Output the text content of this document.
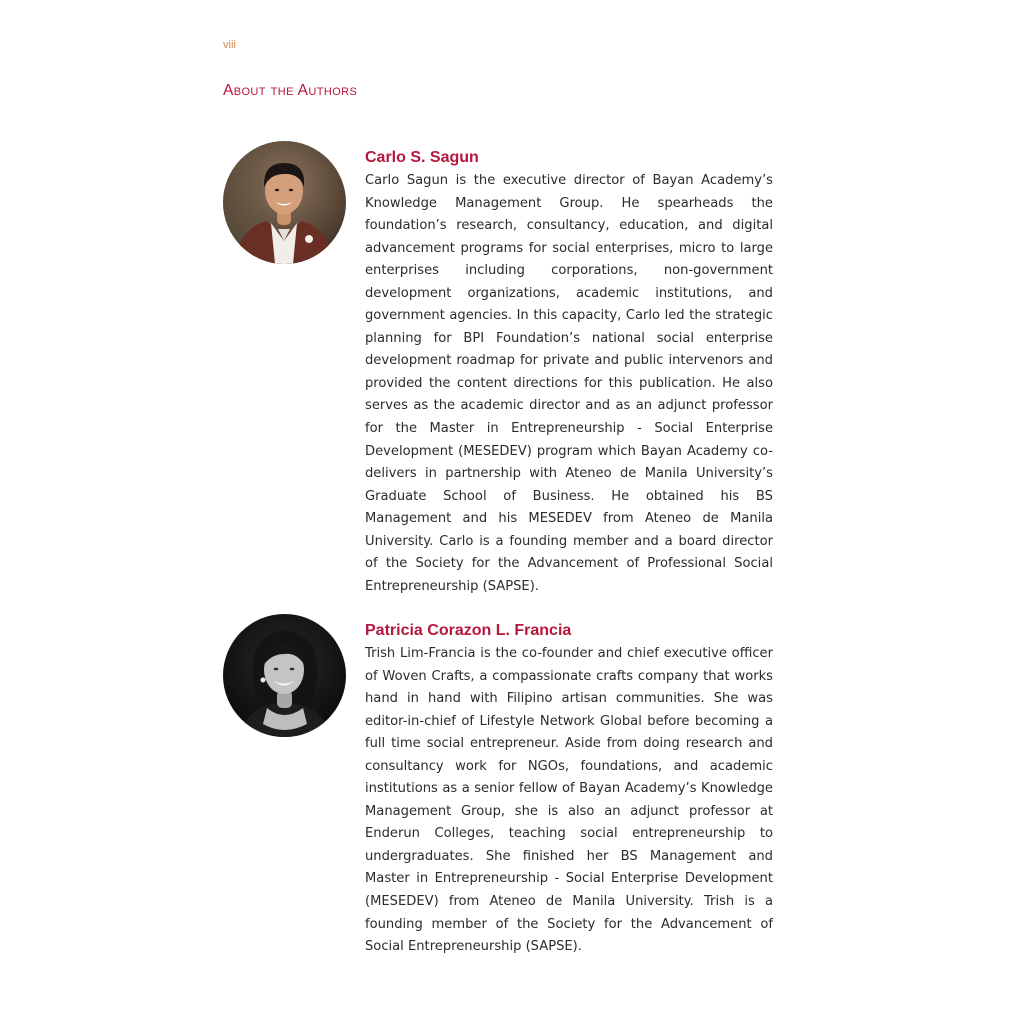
viii

About the Authors
Carlo S. Sagun

Carlo Sagun is the executive director of Bayan Academy’s Knowledge Management Group. He spearheads the foundation’s research, consultancy, education, and digital advancement programs for social enterprises, micro to large enterprises including corporations, non-government development organizations, academic institutions, and government agencies. In this capacity, Carlo led the strategic planning for BPI Foundation’s national social enterprise development roadmap for private and public intervenors and provided the content directions for this publication. He also serves as the academic director and as an adjunct professor for the Master in Entrepreneurship - Social Enterprise Development (MESEDEV) program which Bayan Academy co-delivers in partnership with Ateneo de Manila University’s Graduate School of Business. He obtained his BS Management and his MESEDEV from Ateneo de Manila University. Carlo is a founding member and a board director of the Society for the Advancement of Professional Social Entrepreneurship (SAPSE).

Patricia Corazon L. Francia

Trish Lim-Francia is the co-founder and chief executive officer of Woven Crafts, a compassionate crafts company that works hand in hand with Filipino artisan communities. She was editor-in-chief of Lifestyle Network Global before becoming a full time social entrepreneur. Aside from doing research and consultancy work for NGOs, foundations, and academic institutions as a senior fellow of Bayan Academy’s Knowledge Management Group, she is also an adjunct professor at Enderun Colleges, teaching social entrepreneurship to undergraduates. She finished her BS Management and Master in Entrepreneurship - Social Enterprise Development (MESEDEV) from Ateneo de Manila University. Trish is a founding member of the Society for the Advancement of Social Entrepreneurship (SAPSE).
